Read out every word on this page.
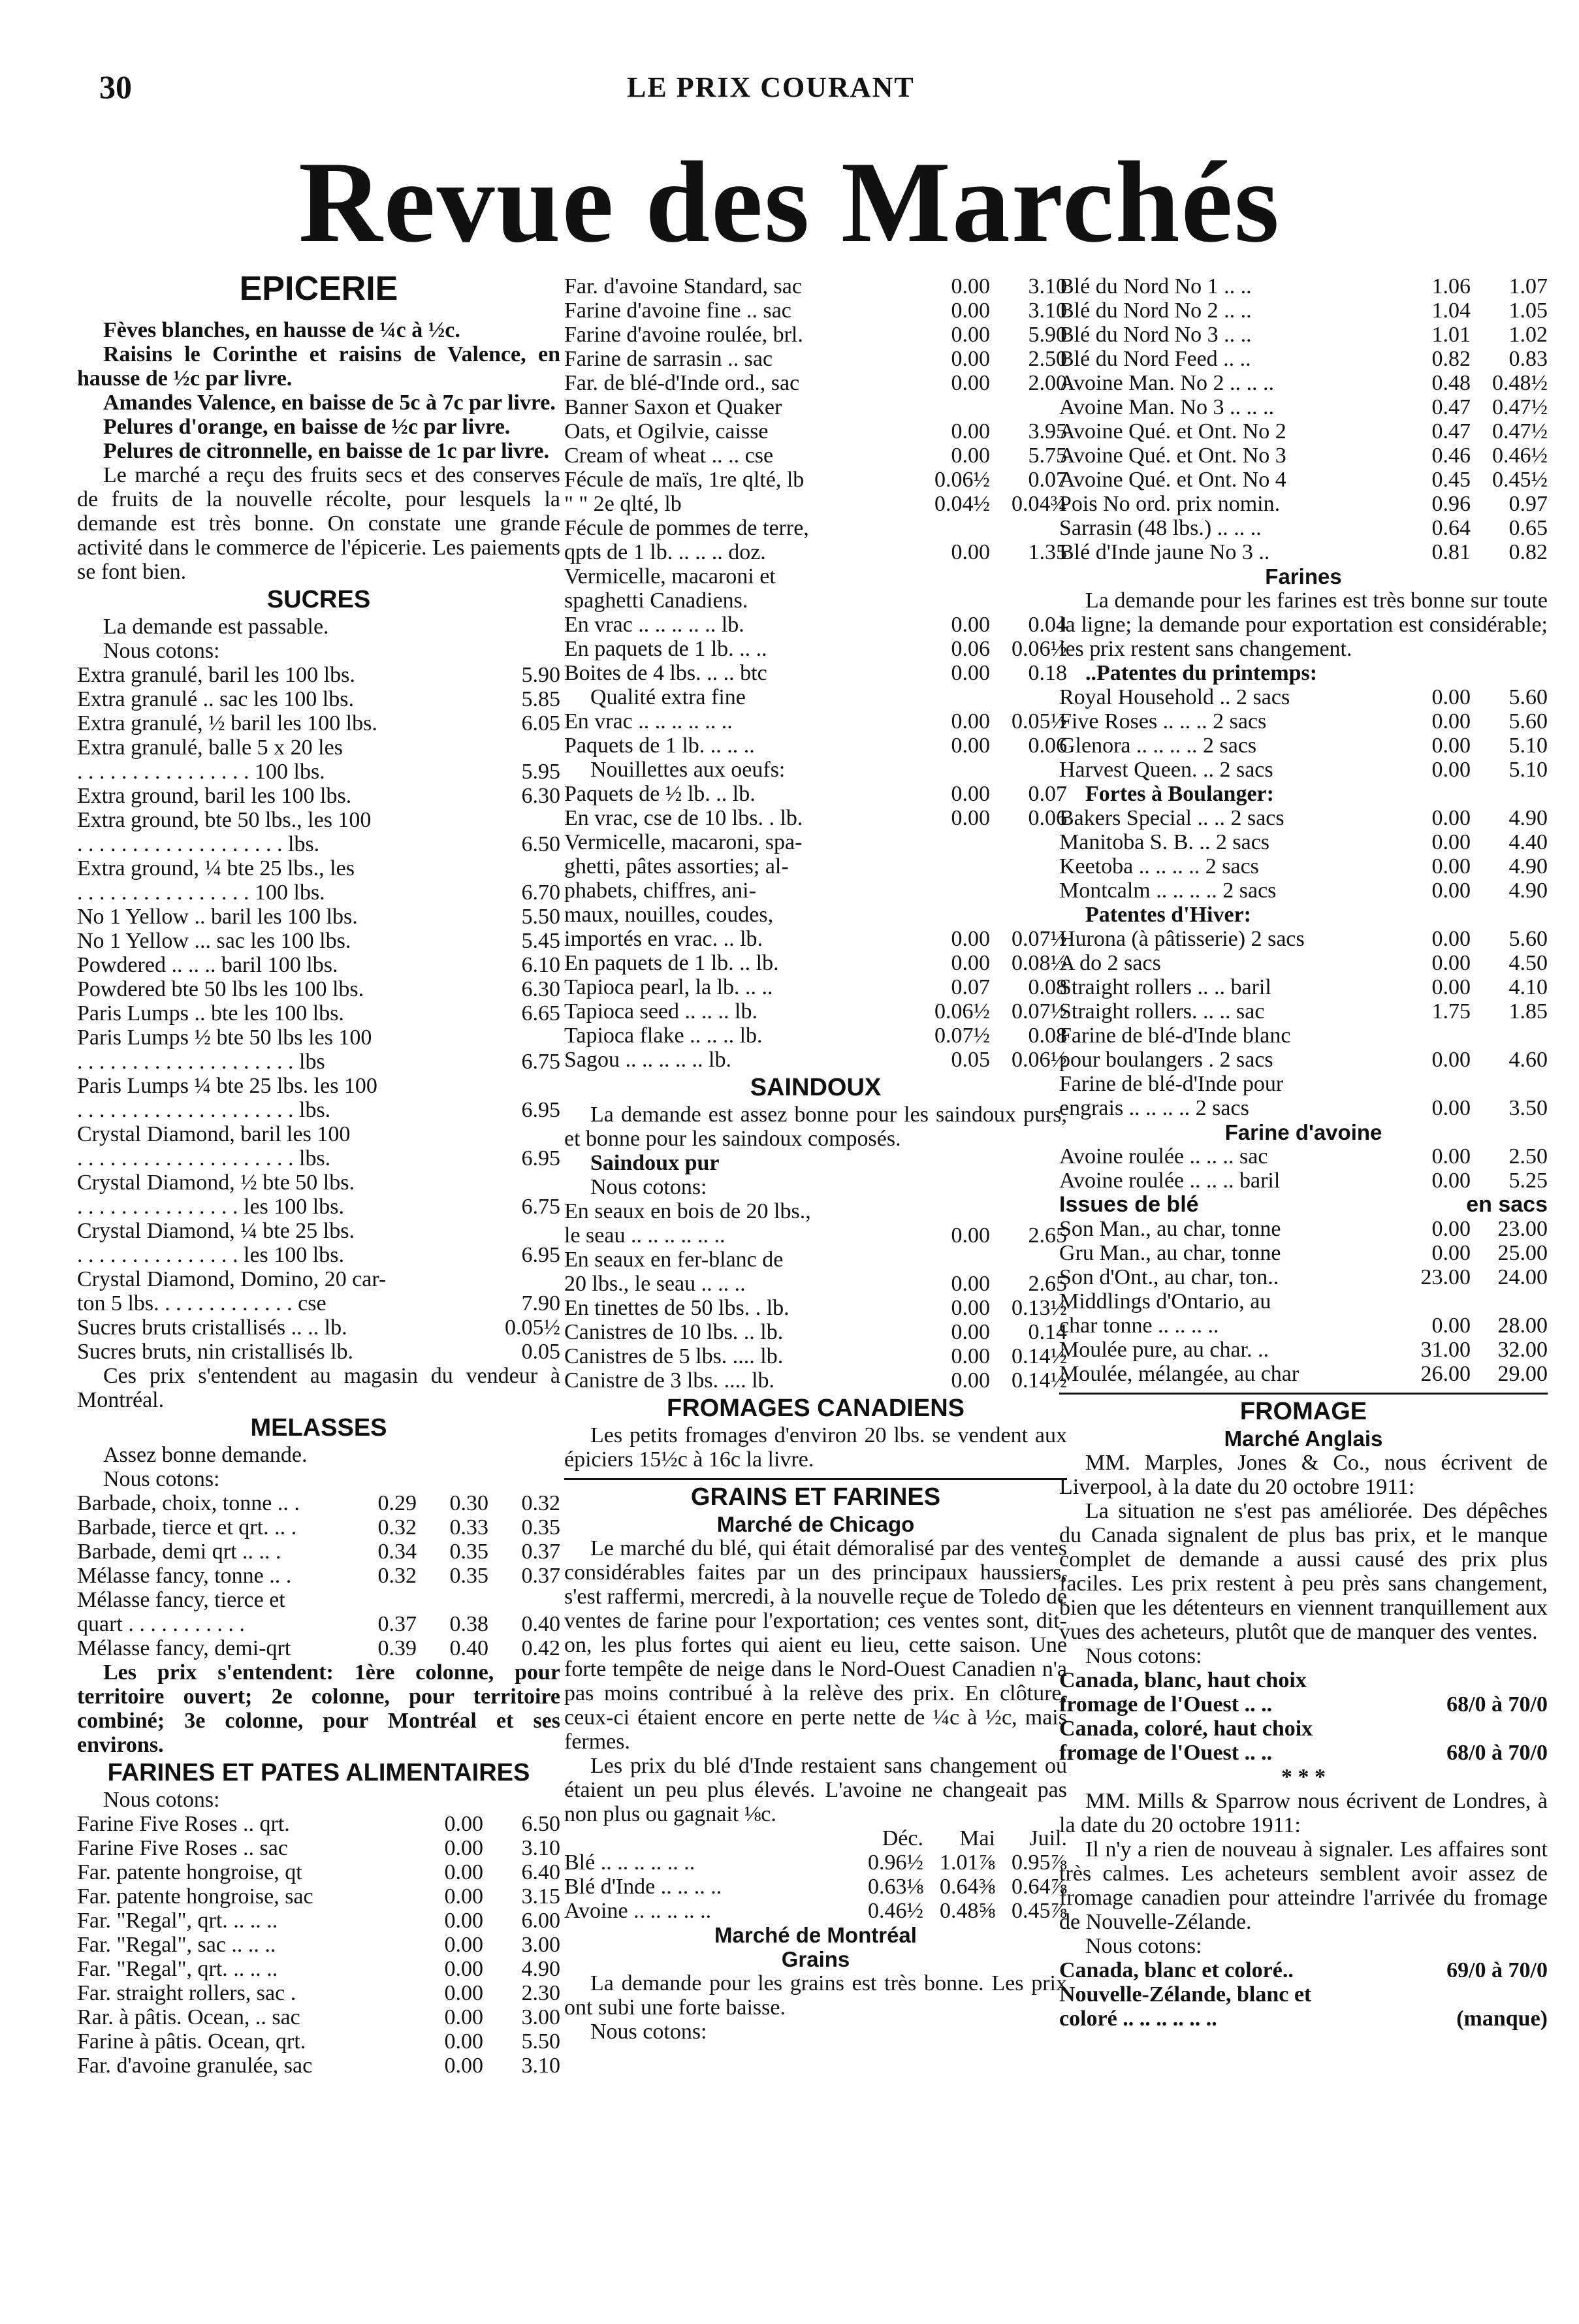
30	LE PRIX COURANT
Revue des Marchés
EPICERIE

Fèves blanches, en hausse de ¼c à ½c.

Raisins le Corinthe et raisins de Valence, en hausse de ½c par livre.

Amandes Valence, en baisse de 5c à 7c par livre.

Pelures d'orange, en baisse de ½c par livre.

Pelures de citronnelle, en baisse de 1c par livre.

Le marché a reçu des fruits secs et des conserves de fruits de la nouvelle récolte, pour lesquels la demande est très bonne. On constate une grande activité dans le commerce de l'épicerie. Les paiements se font bien.

SUCRES

La demande est passable.

Nous cotons:
Extra granulé, baril les 100 lbs.	5.90
Extra granulé .. sac les 100 lbs.	5.85
Extra granulé, ½ baril les 100 lbs.	6.05
Extra granulé, balle 5 x 20 les
. . . . . . . . . . . . . . . . 100 lbs.	5.95
Extra ground, baril les 100 lbs.	6.30
Extra ground, bte 50 lbs., les 100
. . . . . . . . . . . . . . . . . . . lbs.	6.50
Extra ground, ¼ bte 25 lbs., les
. . . . . . . . . . . . . . . . 100 lbs.	6.70
No 1 Yellow .. baril les 100 lbs.	5.50
No 1 Yellow ... sac les 100 lbs.	5.45
Powdered .. .. .. baril 100 lbs.	6.10
Powdered bte 50 lbs les 100 lbs.	6.30
Paris Lumps .. bte les 100 lbs.	6.65
Paris Lumps ½ bte 50 lbs les 100
. . . . . . . . . . . . . . . . . . . . lbs	6.75
Paris Lumps ¼ bte 25 lbs. les 100
. . . . . . . . . . . . . . . . . . . . lbs.	6.95
Crystal Diamond, baril les 100
. . . . . . . . . . . . . . . . . . . . lbs.	6.95
Crystal Diamond, ½ bte 50 lbs.
. . . . . . . . . . . . . . . les 100 lbs.	6.75
Crystal Diamond, ¼ bte 25 lbs.
. . . . . . . . . . . . . . . les 100 lbs.	6.95
Crystal Diamond, Domino, 20 car-
ton 5 lbs. . . . . . . . . . . . . cse	7.90
Sucres bruts cristallisés .. .. lb.	0.05½
Sucres bruts, nin cristallisés lb.	0.05

Ces prix s'entendent au magasin du vendeur à Montréal.

MELASSES

Assez bonne demande.

Nous cotons:
Barbade, choix, tonne .. .	0.29	0.30	0.32
Barbade, tierce et qrt. .. .	0.32	0.33	0.35
Barbade, demi qrt .. .. .	0.34	0.35	0.37
Mélasse fancy, tonne .. .	0.32	0.35	0.37
Mélasse fancy, tierce et
quart . . . . . . . . . . .	0.37	0.38	0.40
Mélasse fancy, demi-qrt	0.39	0.40	0.42

Les prix s'entendent: 1ère colonne, pour territoire ouvert; 2e colonne, pour territoire combiné; 3e colonne, pour Montréal et ses environs.

FARINES ET PATES ALIMENTAIRES
Nous cotons:
Farine Five Roses .. qrt.	0.00	6.50
Farine Five Roses .. sac	0.00	3.10
Far. patente hongroise, qt	0.00	6.40
Far. patente hongroise, sac	0.00	3.15
Far. "Regal", qrt. .. .. ..	0.00	6.00
Far. "Regal", sac .. .. ..	0.00	3.00
Far. "Regal", qrt. .. .. ..	0.00	4.90
Far. straight rollers, sac .	0.00	2.30
Rar. à pâtis. Ocean, .. sac	0.00	3.00
Farine à pâtis. Ocean, qrt.	0.00	5.50
Far. d'avoine granulée, sac	0.00	3.10
Far. d'avoine Standard, sac	0.00	3.10
Farine d'avoine fine .. sac	0.00	3.10
Farine d'avoine roulée, brl.	0.00	5.90
Farine de sarrasin .. sac	0.00	2.50
Far. de blé-d'Inde ord., sac	0.00	2.00
Banner Saxon et Quaker
Oats, et Ogilvie, caisse	0.00	3.95
Cream of wheat .. .. cse	0.00	5.75
Fécule de maïs, 1re qlté, lb	0.06½	0.07
" " 2e qlté, lb	0.04½ 0.04¾
Fécule de pommes de terre,
qpts de 1 lb. .. .. .. doz.	0.00	1.35
Vermicelle, macaroni et
spaghetti Canadiens.
En vrac .. .. .. .. .. lb.	0.00	0.04
En paquets de 1 lb. .. ..	0.06 0.06½
Boites de 4 lbs. .. .. btc	0.00	0.18
Qualité extra fine
En vrac .. .. .. .. .. ..	0.00 0.05½
Paquets de 1 lb. .. .. ..	0.00	0.06
Nouillettes aux oeufs:
Paquets de ½ lb. .. lb.	0.00	0.07
En vrac, cse de 10 lbs. . lb.	0.00	0.06
Vermicelle, macaroni, spa-
ghetti, pâtes assorties; al-
phabets, chiffres, ani-
maux, nouilles, coudes,
importés en vrac. .. lb.	0.00 0.07½
En paquets de 1 lb. .. lb.	0.00 0.08½
Tapioca pearl, la lb. .. ..	0.07	0.08
Tapioca seed .. .. .. lb.	0.06½ 0.07½
Tapioca flake .. .. .. lb.	0.07½	0.08
Sagou .. .. .. .. .. lb.	0.05 0.06½
SAINDOUX

La demande est assez bonne pour les saindoux purs, et bonne pour les saindoux composés.

Saindoux pur
Nous cotons:
En seaux en bois de 20 lbs.,
le seau .. .. .. .. .. ..	0.00	2.65
En seaux en fer-blanc de
20 lbs., le seau .. .. ..	0.00	2.65
En tinettes de 50 lbs. . lb.	0.00 0.13½
Canistres de 10 lbs. .. lb.	0.00	0.14
Canistres de 5 lbs. .... lb.	0.00 0.14½
Canistre de 3 lbs. .... lb.	0.00 0.14½
FROMAGES CANADIENS

Les petits fromages d'environ 20 lbs. se vendent aux épiciers 15½c à 16c la livre.

GRAINS ET FARINES
Marché de Chicago

Le marché du blé, qui était démoralisé par des ventes considérables faites par un des principaux haussiers, s'est raffermi, mercredi, à la nouvelle reçue de Toledo de ventes de farine pour l'exportation; ces ventes sont, dit-on, les plus fortes qui aient eu lieu, cette saison. Une forte tempête de neige dans le Nord-Ouest Canadien n'a pas moins contribué à la relève des prix. En clôture, ceux-ci étaient encore en perte nette de ¼c à ½c, mais fermes.

Les prix du blé d'Inde restaient sans changement ou étaient un peu plus élevés. L'avoine ne changeait pas non plus ou gagnait ⅛c.

Déc.	Mai	Juil.
Blé .. .. .. .. .. ..	0.96½ 1.01⅞ 0.95⅞
Blé d'Inde .. .. .. ..	0.63⅛ 0.64⅜ 0.64⅞
Avoine .. .. .. .. ..	0.46½ 0.48⅝ 0.45⅞
Marché de Montréal
Grains

La demande pour les grains est très bonne. Les prix ont subi une forte baisse.

Nous cotons:
Blé du Nord No 1 .. ..	1.06	1.07
Blé du Nord No 2 .. ..	1.04	1.05
Blé du Nord No 3 .. ..	1.01	1.02
Blé du Nord Feed .. ..	0.82	0.83
Avoine Man. No 2 .. .. ..	0.48 0.48½
Avoine Man. No 3 .. .. ..	0.47 0.47½
Avoine Qué. et Ont. No 2	0.47 0.47½
Avoine Qué. et Ont. No 3	0.46 0.46½
Avoine Qué. et Ont. No 4	0.45 0.45½
Pois No ord. prix nomin.	0.96	0.97
Sarrasin (48 lbs.) .. .. ..	0.64	0.65
Blé d'Inde jaune No 3 ..	0.81	0.82
Farines

La demande pour les farines est très bonne sur toute la ligne; la demande pour exportation est considérable; les prix restent sans changement.

..Patentes du printemps:
Royal Household .. 2 sacs	0.00	5.60
Five Roses .. .. .. 2 sacs	0.00	5.60
Glenora .. .. .. .. 2 sacs	0.00	5.10
Harvest Queen. .. 2 sacs	0.00	5.10
Fortes à Boulanger:
Bakers Special .. .. 2 sacs	0.00	4.90
Manitoba S. B. .. 2 sacs	0.00	4.40
Keetoba .. .. .. .. 2 sacs	0.00	4.90
Montcalm .. .. .. .. 2 sacs	0.00	4.90
Patentes d'Hiver:
Hurona (à pâtisserie) 2 sacs	0.00	5.60
A do 2 sacs	0.00	4.50
Straight rollers .. .. baril	0.00	4.10
Straight rollers. .. .. sac	1.75	1.85
Farine de blé-d'Inde blanc
pour boulangers . 2 sacs	0.00	4.60
Farine de blé-d'Inde pour
engrais .. .. .. .. 2 sacs	0.00	3.50
Farine d'avoine
Avoine roulée .. .. .. sac	0.00	2.50
Avoine roulée .. .. .. baril	0.00	5.25
Issues de blé	en sacs
Son Man., au char, tonne	0.00	23.00
Gru Man., au char, tonne	0.00	25.00
Son d'Ont., au char, ton..	23.00	24.00
Middlings d'Ontario, au
char tonne .. .. .. ..	0.00	28.00
Moulée pure, au char. ..	31.00	32.00
Moulée, mélangée, au char	26.00	29.00
FROMAGE
Marché Anglais

MM. Marples, Jones & Co., nous écrivent de Liverpool, à la date du 20 octobre 1911:

La situation ne s'est pas améliorée. Des dépêches du Canada signalent de plus bas prix, et le manque complet de demande a aussi causé des prix plus faciles. Les prix restent à peu près sans changement, bien que les détenteurs en viennent tranquillement aux vues des acheteurs, plutôt que de manquer des ventes.

Nous cotons:
Canada, blanc, haut choix
fromage de l'Ouest .. ..	68/0 à 70/0
Canada, coloré, haut choix
fromage de l'Ouest .. ..	68/0 à 70/0
* * *

MM. Mills & Sparrow nous écrivent de Londres, à la date du 20 octobre 1911:

Il n'y a rien de nouveau à signaler. Les affaires sont très calmes. Les acheteurs semblent avoir assez de fromage canadien pour atteindre l'arrivée du fromage de Nouvelle-Zélande.

Nous cotons:
Canada, blanc et coloré..	69/0 à 70/0
Nouvelle-Zélande, blanc et
coloré .. .. .. .. .. ..	(manque)
